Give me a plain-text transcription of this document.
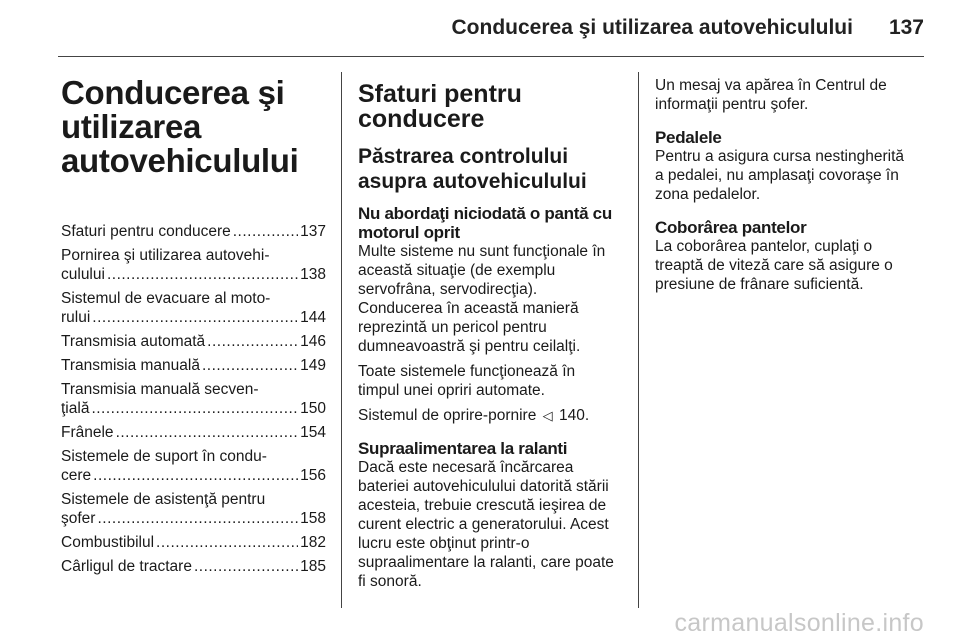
Conducerea şi utilizarea autovehiculului 137
Conducerea şi
utilizarea
autovehiculului
Sfaturi pentru conducere .....	137
Pornirea şi utilizarea autovehi-
culului .....	138
Sistemul de evacuare al moto-
rului .....	144
Transmisia automată .....	146
Transmisia manuală .....	149
Transmisia manuală secven-
ţială .....	150
Frânele .....	154
Sistemele de suport în condu-
cere .....	156
Sistemele de asistenţă pentru
şofer .....	158
Combustibilul .....	182
Cârligul de tractare .....	185
Sfaturi pentru
conducere
Păstrarea controlului
asupra autovehiculului
Nu abordaţi niciodată o pantă cu
motorul oprit
Multe sisteme nu sunt funcţionale în
această situaţie (de exemplu
servofrâna, servodirecţia).
Conducerea în această manieră
reprezintă un pericol pentru
dumneavoastră şi pentru ceilalţi.
Toate sistemele funcţionează în
timpul unei opriri automate.
Sistemul de oprire-pornire ◁ 140.
Supraalimentarea la ralanti
Dacă este necesară încărcarea
bateriei autovehiculului datorită stării
acesteia, trebuie crescută ieşirea de
curent electric a generatorului. Acest
lucru este obţinut printr-o
supraalimentare la ralanti, care poate
fi sonoră.
Un mesaj va apărea în Centrul de
informaţii pentru şofer.
Pedalele
Pentru a asigura cursa nestingherită
a pedalei, nu amplasaţi covoraşe în
zona pedalelor.
Coborârea pantelor
La coborârea pantelor, cuplaţi o
treaptă de viteză care să asigure o
presiune de frânare suficientă.
carmanualsonline.info
